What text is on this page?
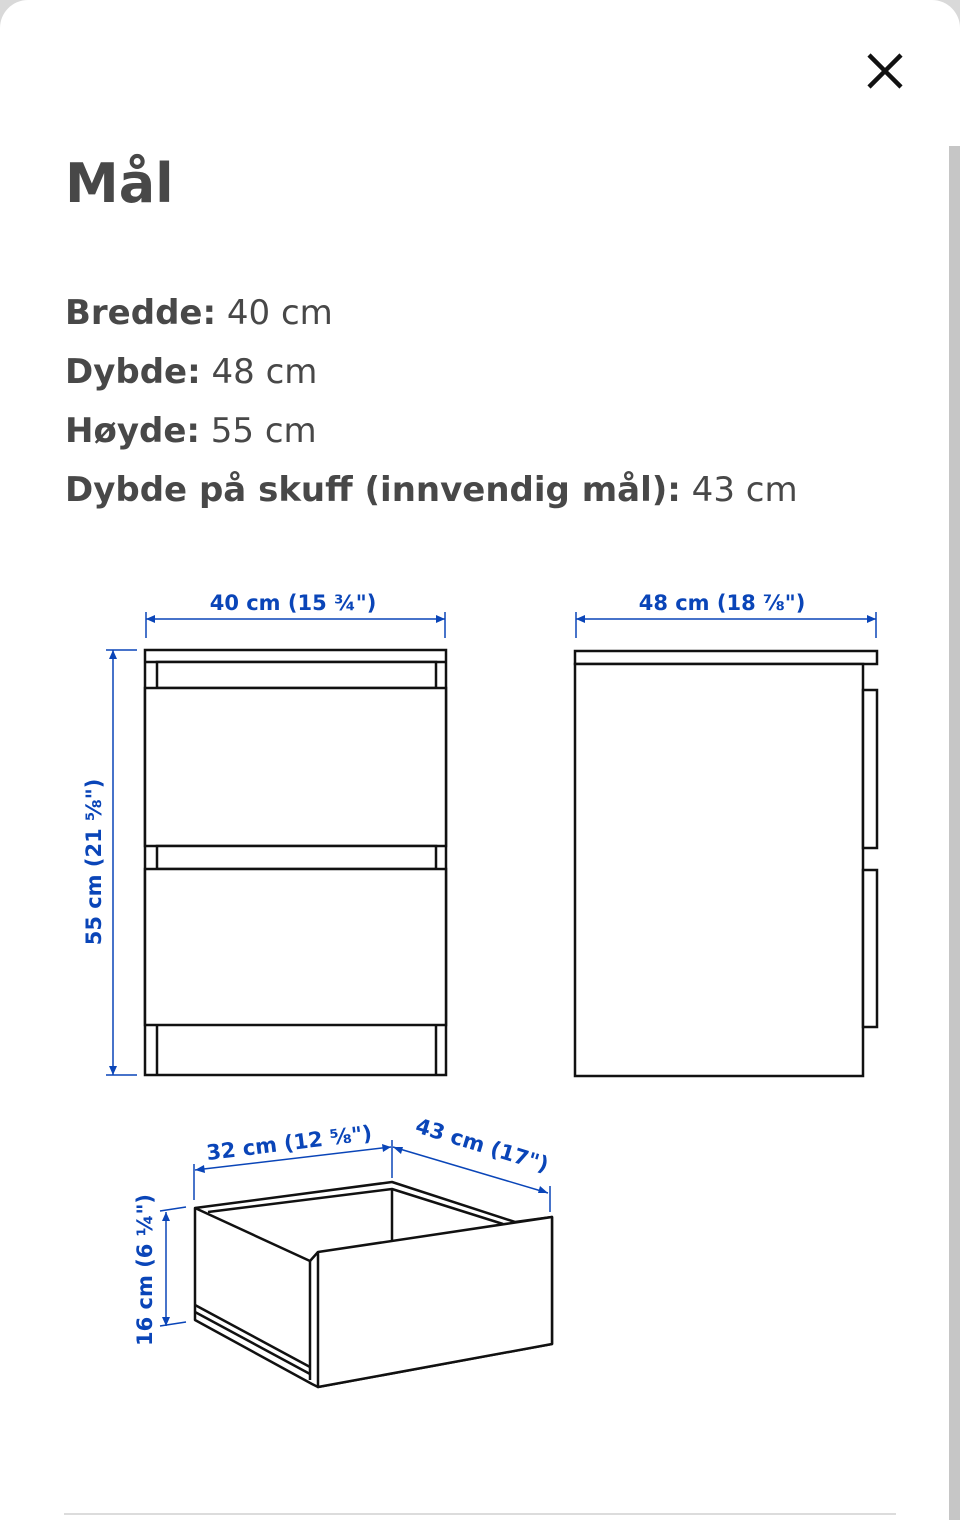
Mål
Bredde: 40 cm
Dybde: 48 cm
Høyde: 55 cm
Dybde på skuff (innvendig mål): 43 cm
40 cm (15 ¾")
55 cm (21 ⅝")
48 cm (18 ⅞")
32 cm (12 ⅝") 43 cm (17")
16 cm (6 ¼")
